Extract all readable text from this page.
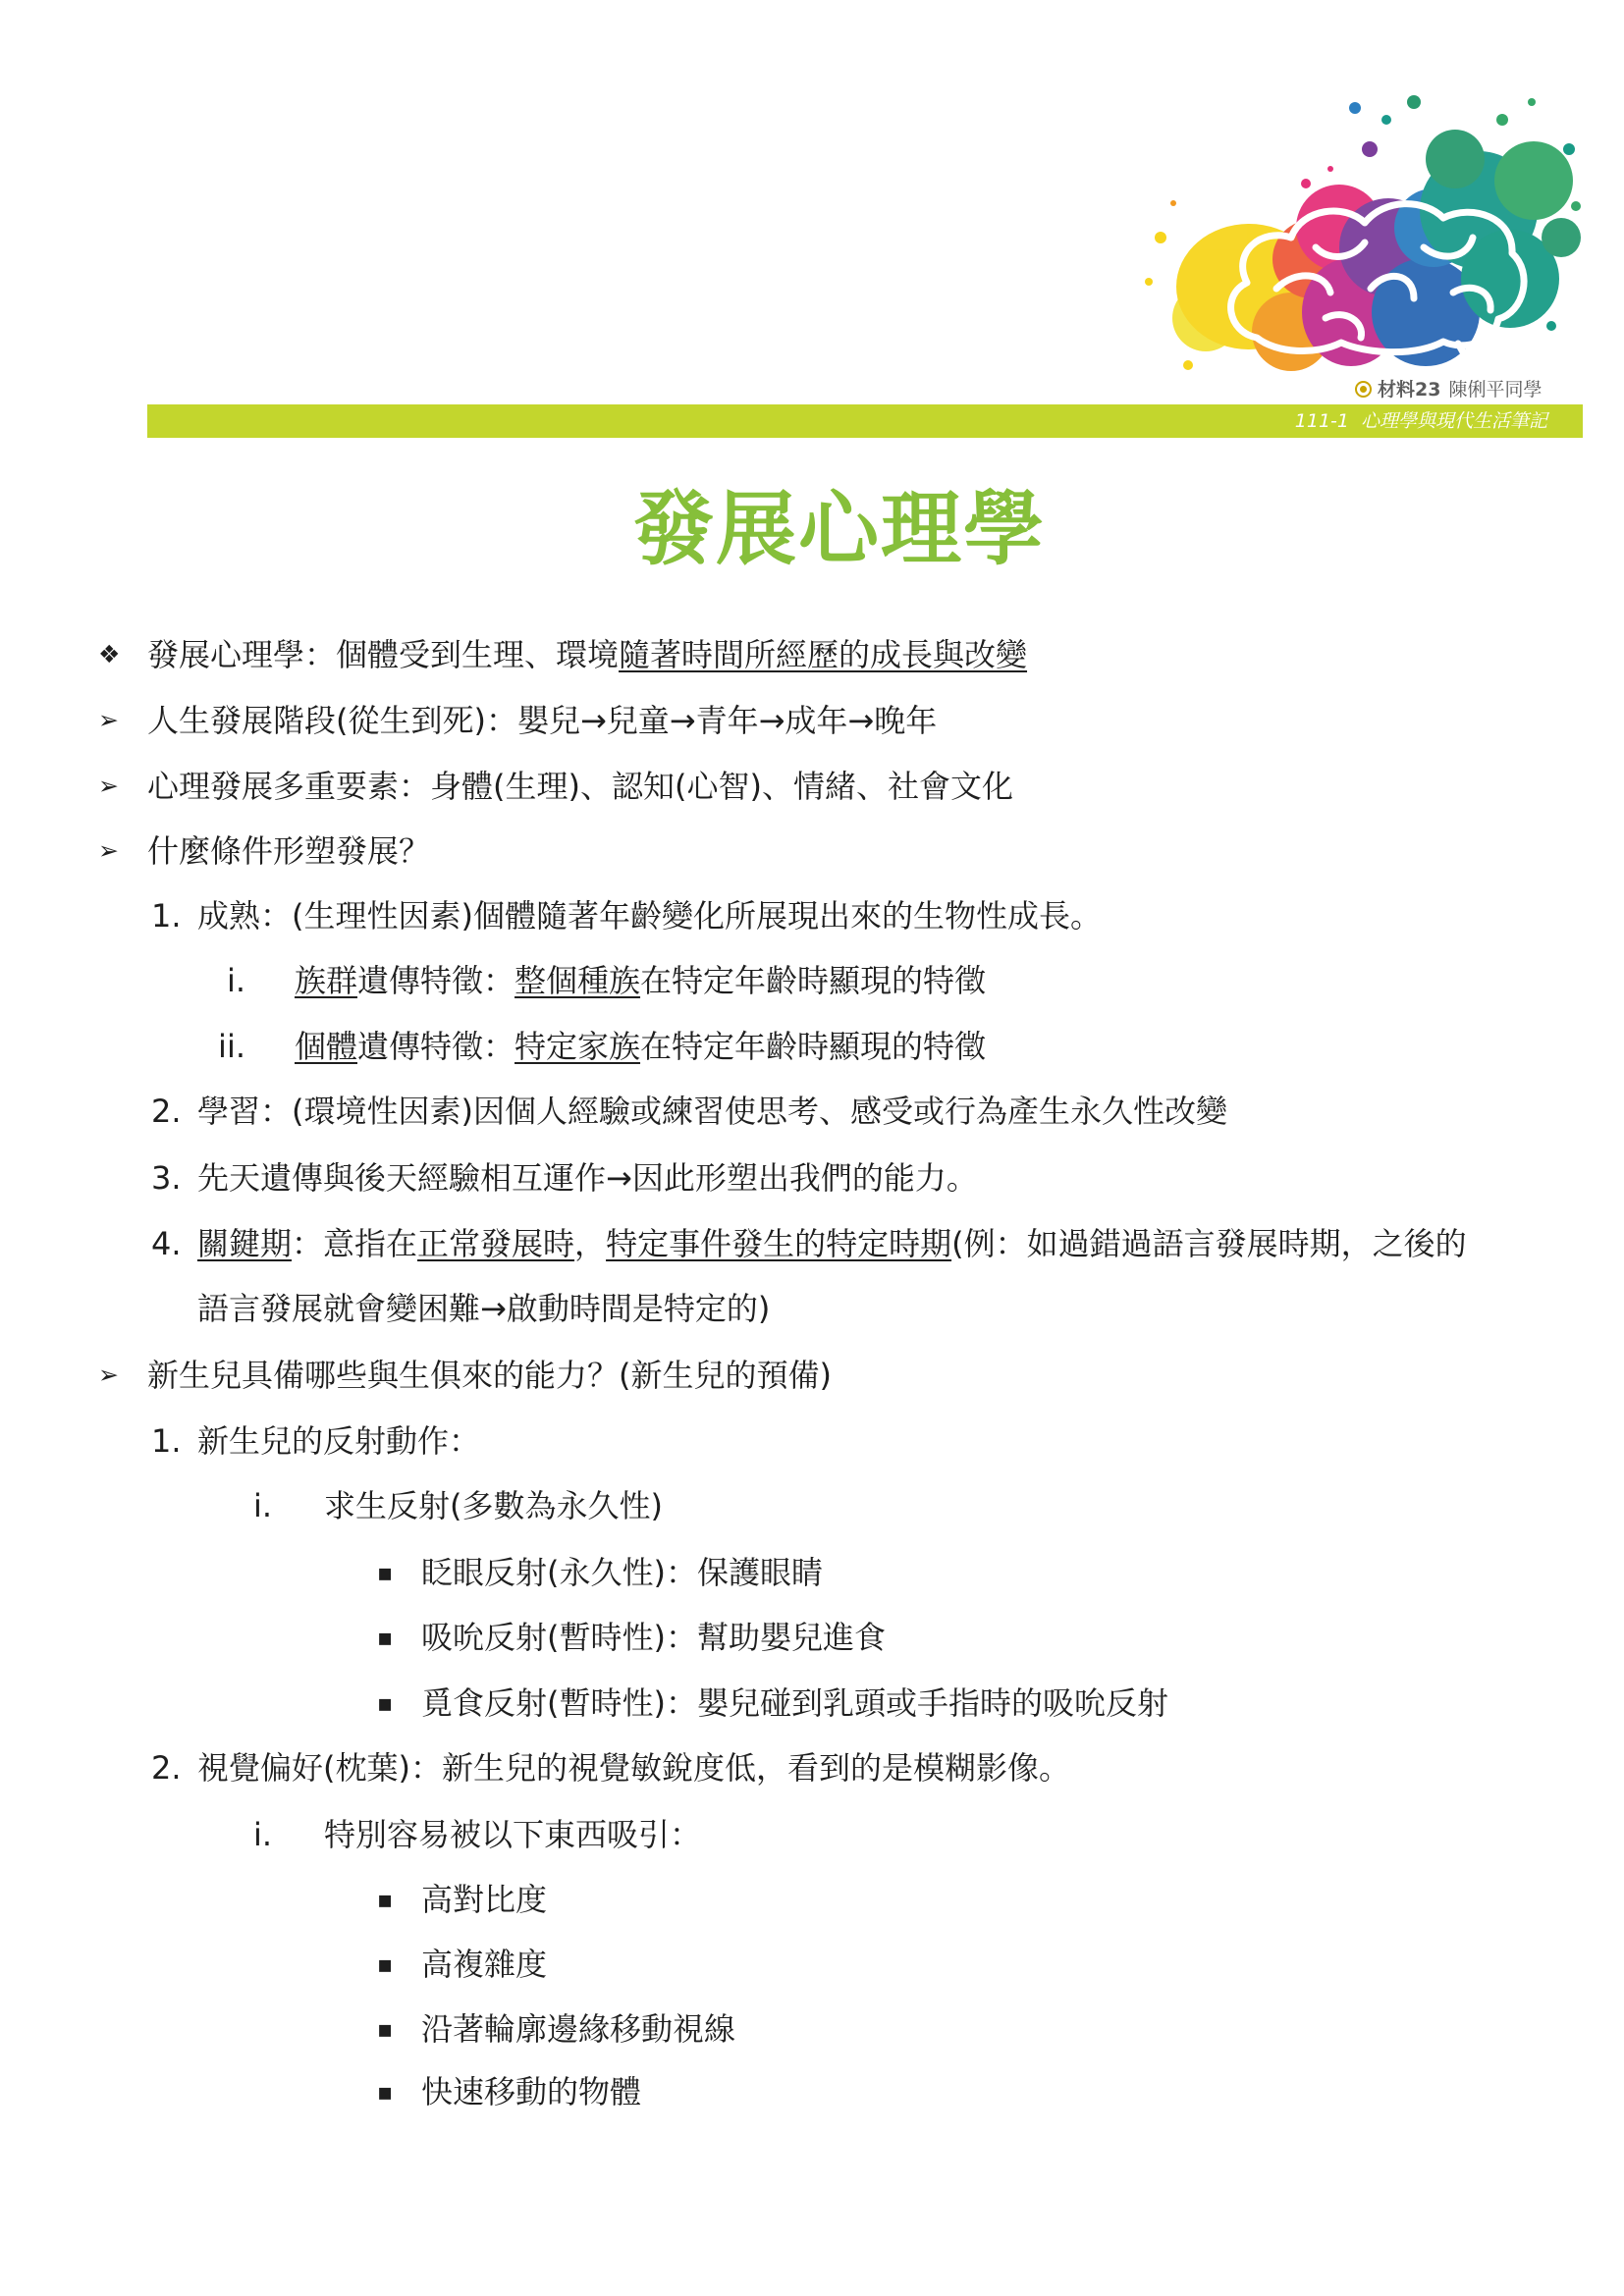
材料23 陳俐平同學
111-1 心理學與現代生活筆記
發展心理學
❖ 發展心理學：個體受到生理、環境隨著時間所經歷的成長與改變
➢ 人生發展階段(從生到死)：嬰兒→兒童→青年→成年→晚年
➢ 心理發展多重要素：身體(生理)、認知(心智)、情緒、社會文化
➢ 什麼條件形塑發展？
1. 成熟：(生理性因素)個體隨著年齡變化所展現出來的生物性成長。
i. 族群遺傳特徵：整個種族在特定年齡時顯現的特徵
ii. 個體遺傳特徵：特定家族在特定年齡時顯現的特徵
2. 學習：(環境性因素)因個人經驗或練習使思考、感受或行為產生永久性改變
3. 先天遺傳與後天經驗相互運作→因此形塑出我們的能力。
4. 關鍵期：意指在正常發展時，特定事件發生的特定時期(例：如過錯過語言發展時期，之後的
語言發展就會變困難→啟動時間是特定的)
➢ 新生兒具備哪些與生俱來的能力？(新生兒的預備)
1. 新生兒的反射動作：
i. 求生反射(多數為永久性)
▪ 眨眼反射(永久性)：保護眼睛
▪ 吸吮反射(暫時性)：幫助嬰兒進食
▪ 覓食反射(暫時性)：嬰兒碰到乳頭或手指時的吸吮反射
2. 視覺偏好(枕葉)：新生兒的視覺敏銳度低，看到的是模糊影像。
i. 特別容易被以下東西吸引：
▪ 高對比度
▪ 高複雜度
▪ 沿著輪廓邊緣移動視線
▪ 快速移動的物體
